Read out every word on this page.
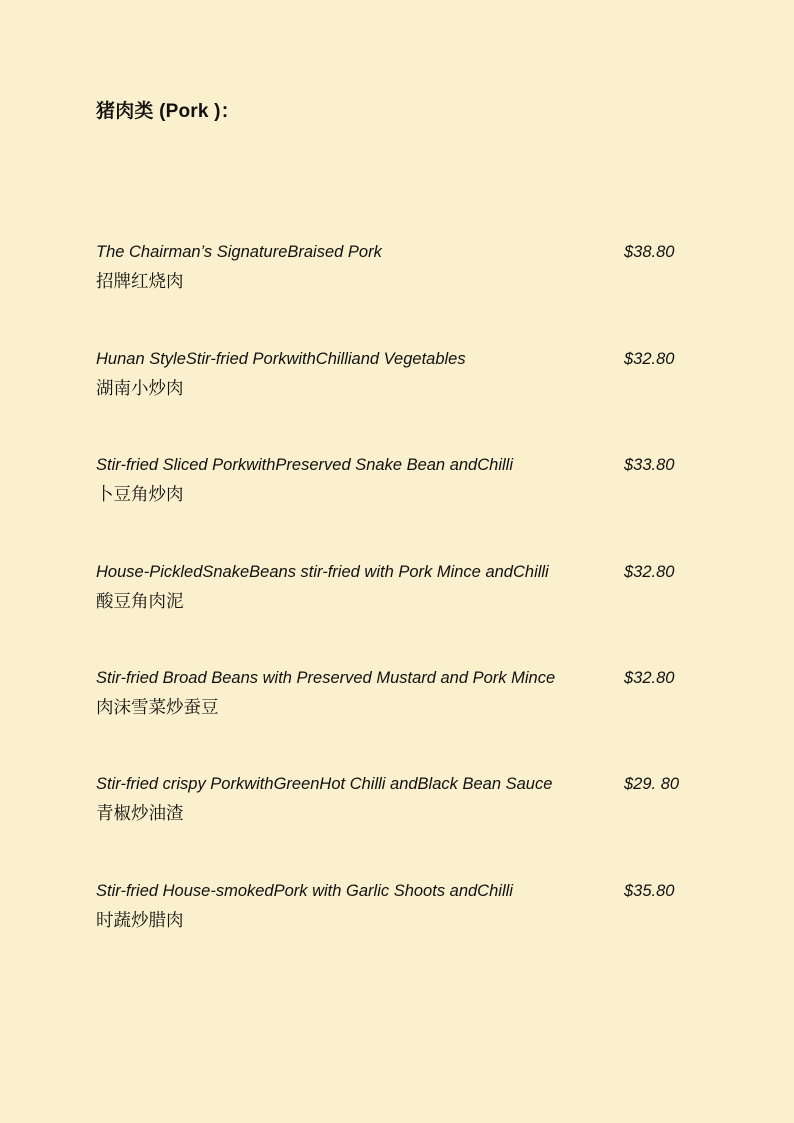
猪肉类 (Pork )：
The Chairman’s SignatureBraised Pork
招牌红烧肉
$38.80
Hunan StyleStir-fried PorkwithChilliand Vegetables
湖南小炒肉
$32.80
Stir-fried Sliced PorkwithPreserved Snake Bean andChilli
卜豆角炒肉
$33.80
House-PickledSnakeBeans stir-fried with Pork Mince andChilli
酸豆角肉泥
$32.80
Stir-fried Broad Beans with Preserved Mustard and Pork Mince
肉沫雪菜炒蚕豆
$32.80
Stir-fried crispy PorkwithGreenHot Chilli andBlack Bean Sauce
青椒炒油渣
$29. 80
Stir-fried House-smokedPork with Garlic Shoots andChilli
时蔬炒腊肉
$35.80
